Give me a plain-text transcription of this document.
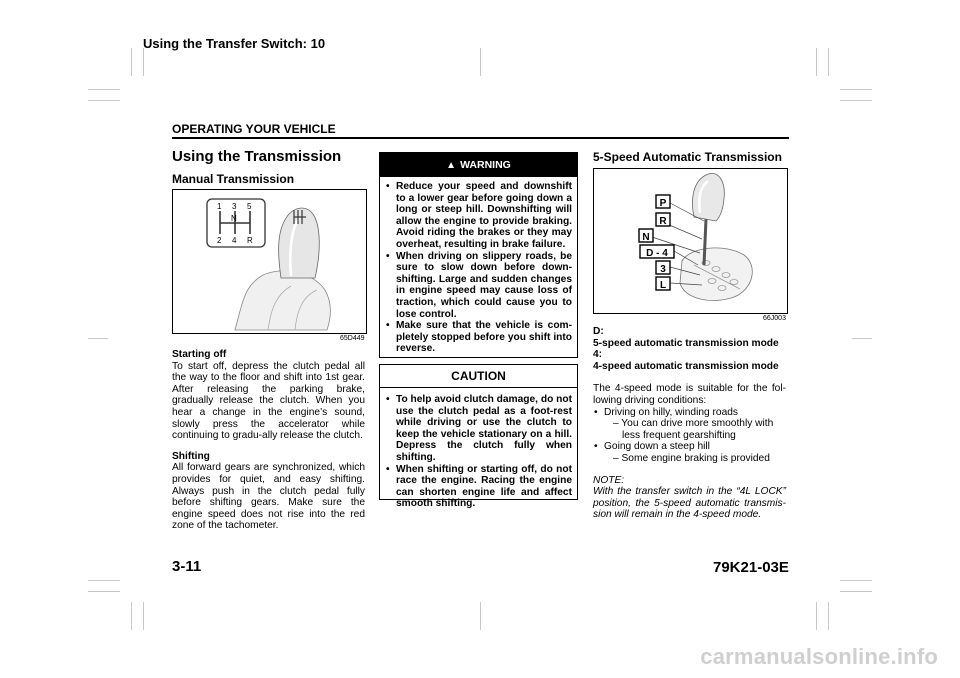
Using the Transfer Switch: 10
OPERATING YOUR VEHICLE
Using the Transmission
Manual Transmission
1 3 5
N
2 4 R
65D449
Starting off
To start off, depress the clutch pedal all the way to the floor and shift into 1st gear. After releasing the parking brake, gradually release the clutch. When you hear a change in the engine’s sound, slowly press the accelerator while continuing to gradu-ally release the clutch.
Shifting
All forward gears are synchronized, which provides for quiet, and easy shifting. Always push in the clutch pedal fully before shifting gears. Make sure the engine speed does not rise into the red zone of the tachometer.
▲ WARNING
• Reduce your speed and downshift to a lower gear before going down a long or steep hill. Downshifting will allow the engine to provide braking. Avoid riding the brakes or they may overheat, resulting in brake failure.
• When driving on slippery roads, be sure to slow down before down-shifting. Large and sudden changes in engine speed may cause loss of traction, which could cause you to lose control.
• Make sure that the vehicle is com-pletely stopped before you shift into reverse.
CAUTION
• To help avoid clutch damage, do not use the clutch pedal as a foot-rest while driving or use the clutch to keep the vehicle stationary on a hill. Depress the clutch fully when shifting.
• When shifting or starting off, do not race the engine. Racing the engine can shorten engine life and affect smooth shifting.
5-Speed Automatic Transmission
P
R
N
D - 4
3
L
66J003
D:
5-speed automatic transmission mode
4:
4-speed automatic transmission mode
The 4-speed mode is suitable for the fol-lowing driving conditions:
• Driving on hilly, winding roads
– You can drive more smoothly with less frequent gearshifting
• Going down a steep hill
– Some engine braking is provided
NOTE:
With the transfer switch in the “4L LOCK” position, the 5-speed automatic transmis-sion will remain in the 4-speed mode.
3-11	79K21-03E
carmanualsonline.info
